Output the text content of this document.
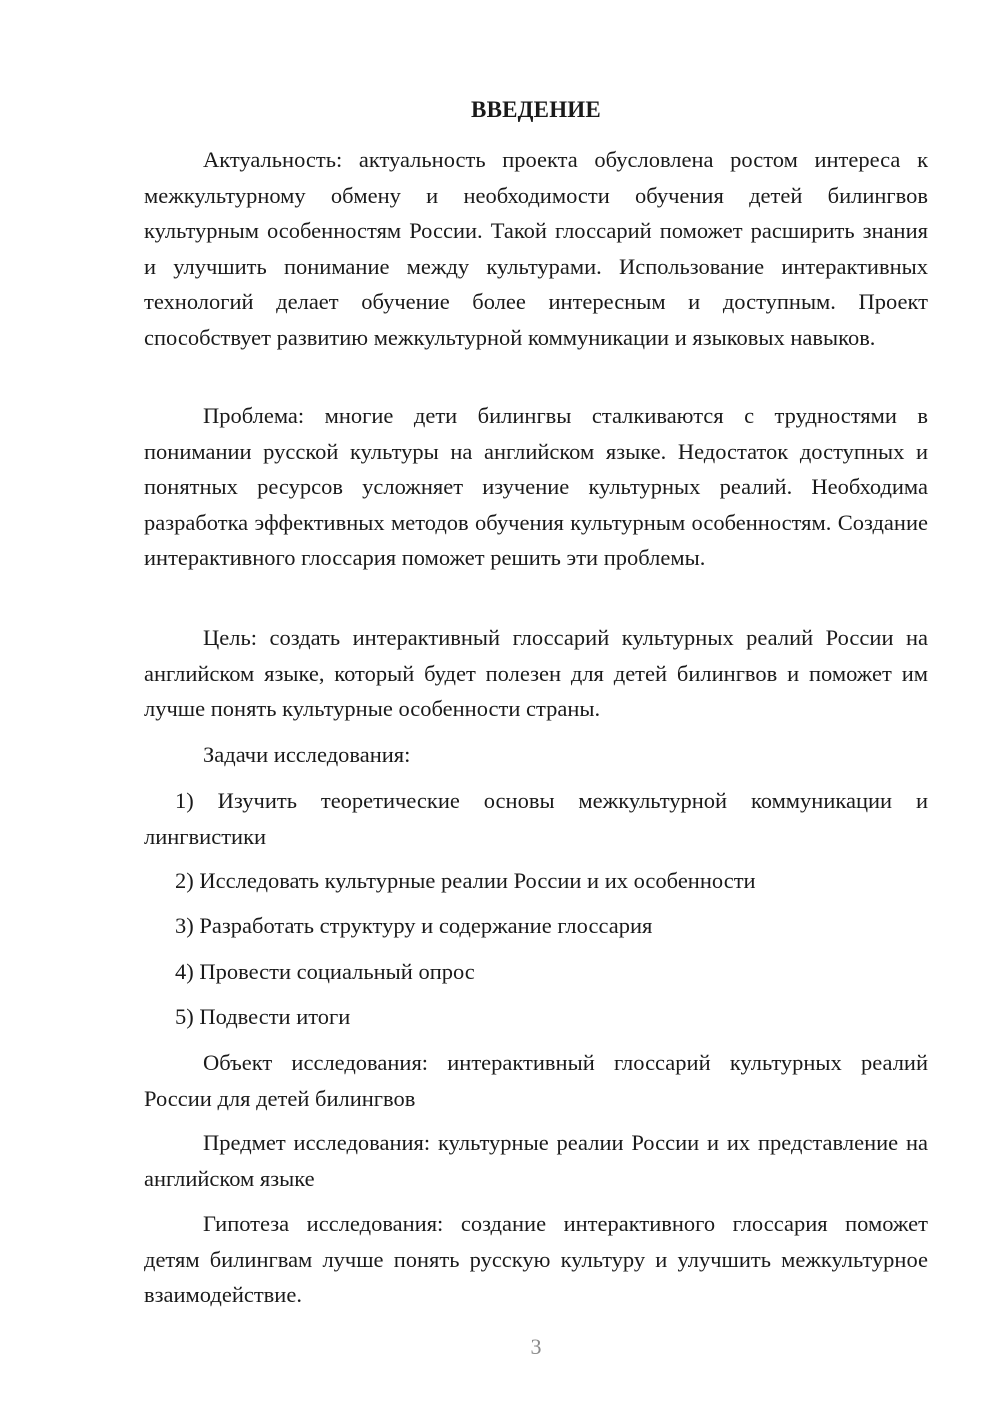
ВВЕДЕНИЕ

Актуальность: актуальность проекта обусловлена ростом интереса к межкультурному обмену и необходимости обучения детей билингвов культурным особенностям России. Такой глоссарий поможет расширить знания и улучшить понимание между культурами. Использование интерактивных технологий делает обучение более интересным и доступным. Проект способствует развитию межкультурной коммуникации и языковых навыков.

Проблема: многие дети билингвы сталкиваются с трудностями в понимании русской культуры на английском языке. Недостаток доступных и понятных ресурсов усложняет изучение культурных реалий. Необходима разработка эффективных методов обучения культурным особенностям. Создание интерактивного глоссария поможет решить эти проблемы.

Цель: создать интерактивный глоссарий культурных реалий России на английском языке, который будет полезен для детей билингвов и поможет им лучше понять культурные особенности страны.

Задачи исследования:

1) Изучить теоретические основы межкультурной коммуникации и лингвистики

2) Исследовать культурные реалии России и их особенности

3) Разработать структуру и содержание глоссария

4) Провести социальный опрос

5) Подвести итоги

Объект исследования: интерактивный глоссарий культурных реалий России для детей билингвов

Предмет исследования: культурные реалии России и их представление на английском языке

Гипотеза исследования: создание интерактивного глоссария поможет детям билингвам лучше понять русскую культуру и улучшить межкультурное взаимодействие.

3
